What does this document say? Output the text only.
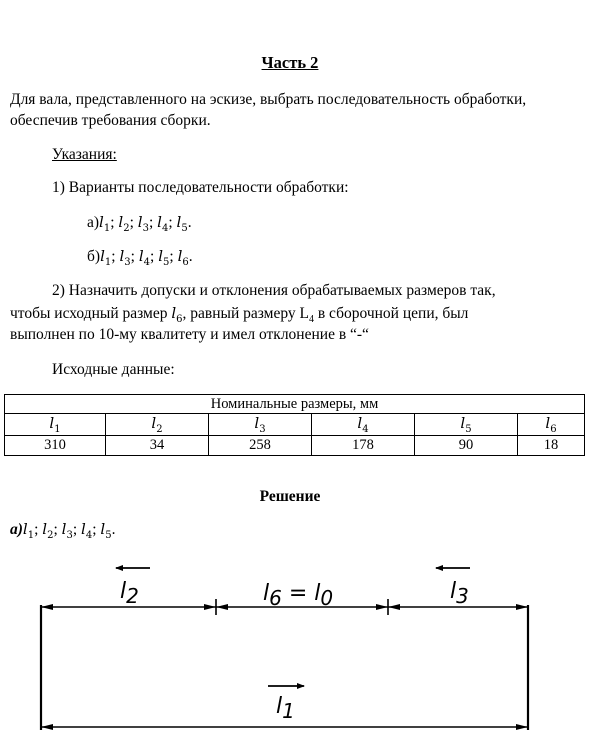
Часть 2
Для вала, представленного на эскизе, выбрать последовательность обработки,
обеспечив требования сборки.
Указания:
1) Варианты последовательности обработки:
$а)l_1$; $l_2$; $l_3$; $l_4$; $l_5$.
$б)l_1$; $l_3$; $l_4$; $l_5$; $l_6$.
2) Назначить допуски и отклонения обрабатываемых размеров так,
чтобы исходный размер $l_6$, равный размеру $L_4$ в сборочной цепи, был
выполнен по 10-му квалитету и имел отклонение в “-“
Исходные данные:
Номинальные размеры, мм					
$l_1$	$l_2$	$l_3$	$l_4$	$l_5$	$l_6$
310	34	258	178	90	18
Решение
$а)l_1$; $l_2$; $l_3$; $l_4$; $l_5$.
l2	l6 = l0	l3
l1
